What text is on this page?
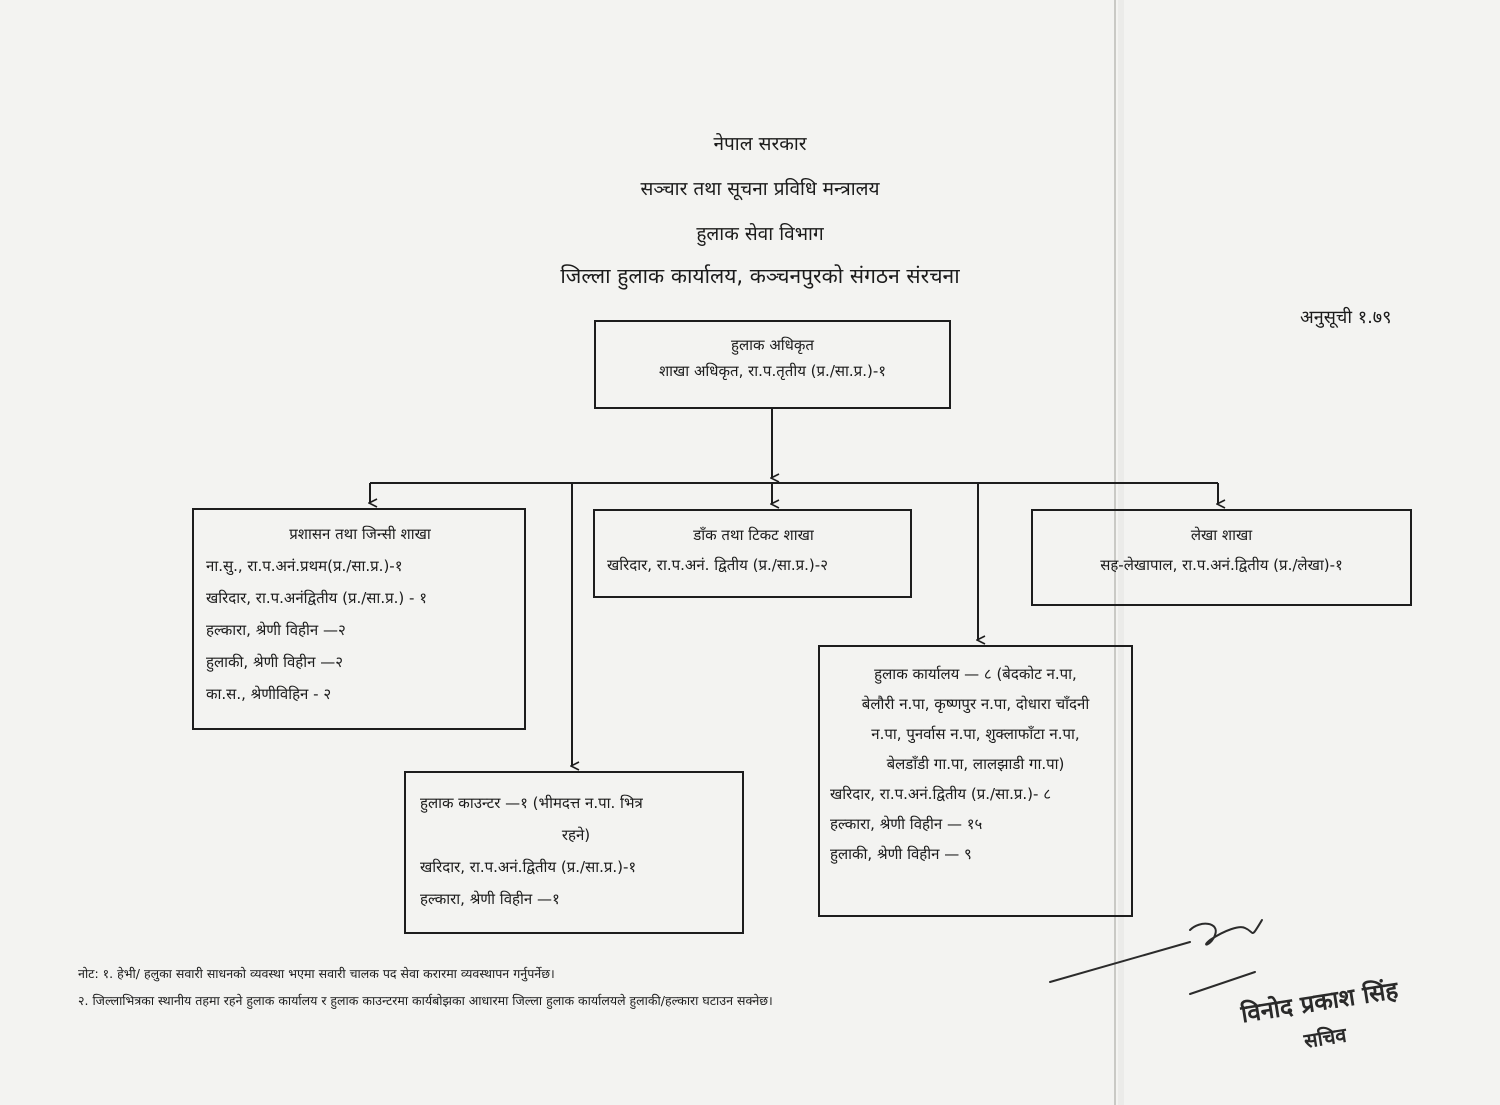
नेपाल सरकार
सञ्चार तथा सूचना प्रविधि मन्त्रालय
हुलाक सेवा विभाग
जिल्ला हुलाक कार्यालय, कञ्चनपुरको संगठन संरचना
अनुसूची १.७९
हुलाक अधिकृत
शाखा अधिकृत, रा.प.तृतीय (प्र./सा.प्र.)-१
प्रशासन तथा जिन्सी शाखा
ना.सु., रा.प.अनं.प्रथम(प्र./सा.प्र.)-१
खरिदार, रा.प.अनंद्वितीय (प्र./सा.प्र.) - १
हल्कारा, श्रेणी विहीन —२
हुलाकी, श्रेणी विहीन —२
का.स., श्रेणीविहिन - २
डाँक तथा टिकट शाखा
खरिदार, रा.प.अनं. द्वितीय (प्र./सा.प्र.)-२
लेखा शाखा
सह-लेखापाल, रा.प.अनं.द्वितीय (प्र./लेखा)-१
हुलाक कार्यालय — ८ (बेदकोट न.पा,
बेलौरी न.पा, कृष्णपुर न.पा, दोधारा चाँदनी
न.पा, पुनर्वास न.पा, शुक्लाफाँटा न.पा,
बेलडाँडी गा.पा, लालझाडी गा.पा)
खरिदार, रा.प.अनं.द्वितीय (प्र./सा.प्र.)- ८
हल्कारा, श्रेणी विहीन — १५
हुलाकी, श्रेणी विहीन — ९
हुलाक काउन्टर —१ (भीमदत्त न.पा. भित्र
रहने)
खरिदार, रा.प.अनं.द्वितीय (प्र./सा.प्र.)-१
हल्कारा, श्रेणी विहीन —१
नोट: १. हेभी/ हलुका सवारी साधनको व्यवस्था भएमा सवारी चालक पद सेवा करारमा व्यवस्थापन गर्नुपर्नेछ।
२. जिल्लाभित्रका स्थानीय तहमा रहने हुलाक कार्यालय र हुलाक काउन्टरमा कार्यबोझका आधारमा जिल्ला हुलाक कार्यालयले हुलाकी/हल्कारा घटाउन सक्नेछ।	विनोद प्रकाश सिंह
सचिव
